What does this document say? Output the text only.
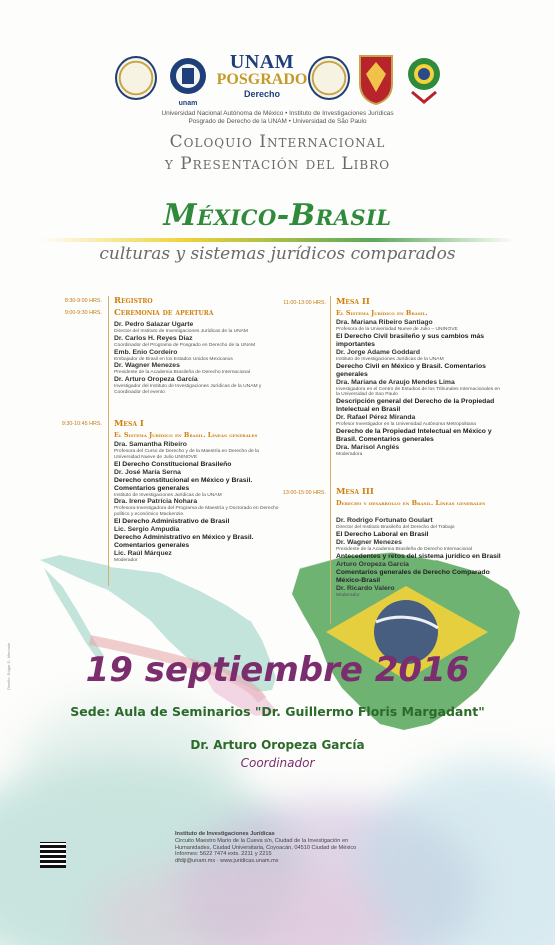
unam
UNAM
POSGRADO
Derecho
Universidad Nacional Autónoma de México • Instituto de Investigaciones Jurídicas
Posgrado de Derecho de la UNAM • Universidad de São Paulo
Coloquio Internacional
y Presentación del Libro
México-Brasil
culturas y sistemas jurídicos comparados
8:30-9:00 HRS. Registro
9:00-9:30 HRS. Ceremonia de apertura
Dr. Pedro Salazar Ugarte
Director del Instituto de Investigaciones Jurídicas de la UNAM
Dr. Carlos H. Reyes Díaz
Coordinador del Programa de Posgrado en Derecho de la UNAM
Emb. Enio Cordeiro
Embajador de Brasil en los Estados Unidos Mexicanos
Dr. Wagner Menezes
Presidente de la Academia Brasileña de Derecho Internacional
Dr. Arturo Oropeza García
Investigador del Instituto de Investigaciones Jurídicas de la UNAM y Coordinador del evento
9:30-10:45 HRS. Mesa I
El Sistema Jurídico en Brasil. Líneas generales
Dra. Samantha Ribeiro
Profesora del Curso de Derecho y de la Maestría en Derecho de la Universidad Nueve de Julio UNINOVE
El Derecho Constitucional Brasileño
Dr. José María Serna
Derecho constitucional en México y Brasil. Comentarios generales
Instituto de Investigaciones Jurídicas de la UNAM
Dra. Irene Patrícia Nohara
Profesora-Investigadora del Programa de Maestría y Doctorado en Derecho político y económico Mackenzie.
El Derecho Administrativo de Brasil
Lic. Sergio Ampudia
Derecho Administrativo en México y Brasil. Comentarios generales
Lic. Raúl Márquez
Moderador
11:00-13:00 HRS. Mesa II
El Sistema Jurídico en Brasil.
Dra. Mariana Ribeiro Santiago
Profesora de la Universidad Nueve de Julio – UNINOVE
El Derecho Civil brasileño y sus cambios más importantes
Dr. Jorge Adame Goddard
Instituto de Investigaciones Jurídicas de la UNAM
Derecho Civil en México y Brasil. Comentarios generales
Dra. Mariana de Araujo Mendes Lima
Investigadora en el Centro de Estudios de los Tribunales Internacionales en la Universidad de Sao Paulo
Descripción general del Derecho de la Propiedad Intelectual en Brasil
Dr. Rafael Pérez Miranda
Profesor Investigador en la Universidad Autónoma Metropolitana
Derecho de la Propiedad Intelectual en México y Brasil. Comentarios generales
Dra. Marisol Anglés
Moderadora
13:00-15:00 HRS. Mesa III
Derecho y desarrollo en Brasil. Líneas generales
Dr. Rodrigo Fortunato Goulart
Director del Instituto Brasileño del Derecho del Trabajo
El Derecho Laboral en Brasil
Dr. Wagner Menezes
Presidente de la Academia Brasileña de Derecho Internacional
Antecedentes y retos del sistema jurídico en Brasil
Arturo Oropeza García
Comentarios generales de Derecho Comparado México-Brasil
Dr. Ricardo Valero
Moderador
19 septiembre 2016
Sede: Aula de Seminarios "Dr. Guillermo Floris Margadant"
Dr. Arturo Oropeza García
Coordinador
Instituto de Investigaciones Jurídicas
Circuito Maestro Mario de la Cueva s/n, Ciudad de la Investigación en
Humanidades, Ciudad Universitaria, Coyoacán, 04510 Ciudad de México
Informes: 5622 7474 exts. 2211 y 2215
dfdiji@unam.mx · www.juridicas.unam.mx
Diseño: Edgar D. Mercado
